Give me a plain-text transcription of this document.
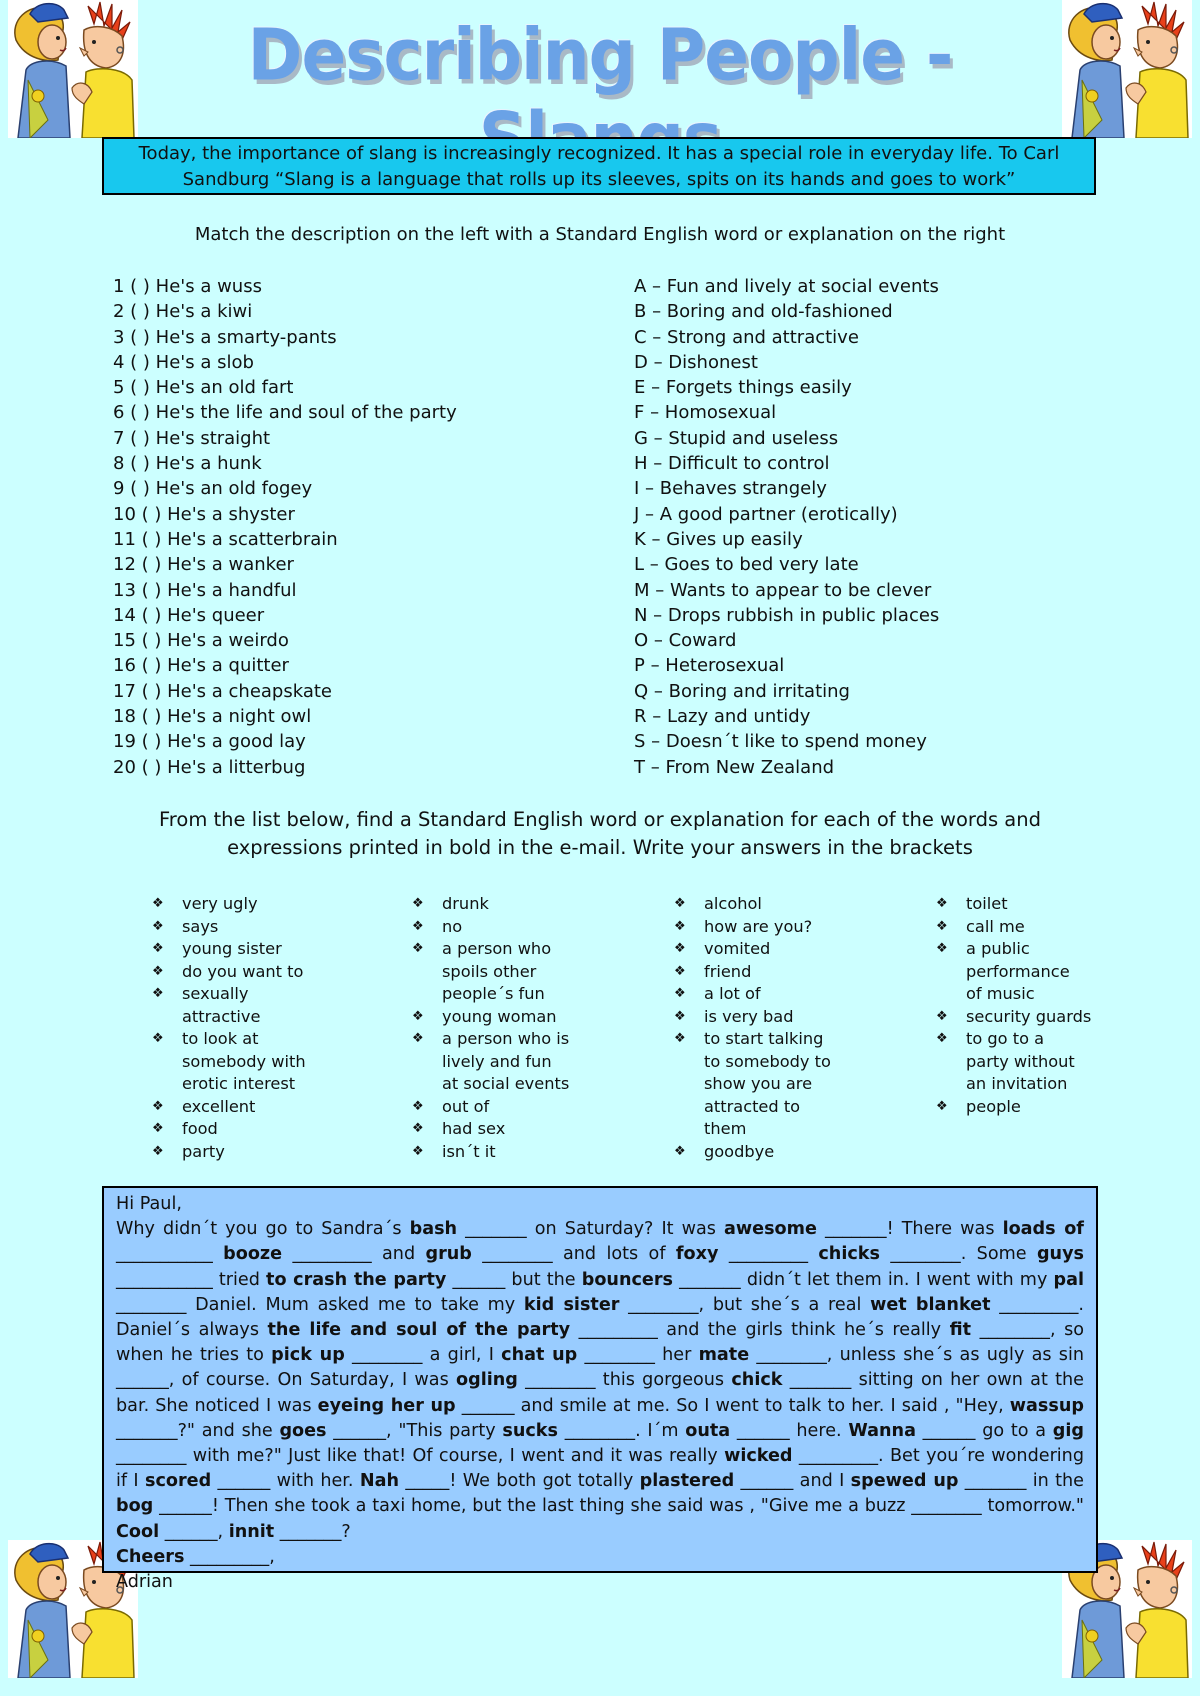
Describing People -
Today, the importance of slang is increasingly recognized. It has a special role in everyday life. To Carl Sandburg “Slang is a language that rolls up its sleeves, spits on its hands and goes to work”
Match the description on the left with a Standard English word or explanation on the right
1 ( ) He's a wuss
2 ( ) He's a kiwi
3 ( ) He's a smarty-pants
4 ( ) He's a slob
5 ( ) He's an old fart
6 ( ) He's the life and soul of the party
7 ( ) He's straight
8 ( ) He's a hunk
9 ( ) He's an old fogey
10 ( ) He's a shyster
11 ( ) He's a scatterbrain
12 ( ) He's a wanker
13 ( ) He's a handful
14 ( ) He's queer
15 ( ) He's a weirdo
16 ( ) He's a quitter
17 ( ) He's a cheapskate
18 ( ) He's a night owl
19 ( ) He's a good lay
20 ( ) He's a litterbug
A – Fun and lively at social events
B – Boring and old-fashioned
C – Strong and attractive
D – Dishonest
E – Forgets things easily
F – Homosexual
G – Stupid and useless
H – Difficult to control
I – Behaves strangely
J – A good partner (erotically)
K – Gives up easily
L – Goes to bed very late
M – Wants to appear to be clever
N – Drops rubbish in public places
O – Coward
P – Heterosexual
Q – Boring and irritating
R – Lazy and untidy
S – Doesn´t like to spend money
T – From New Zealand
From the list below, find a Standard English word or explanation for each of the words and
expressions printed in bold in the e-mail. Write your answers in the brackets
❖	very ugly
❖	says
❖	young sister
❖	do you want to
❖	sexually
attractive
❖	to look at
somebody with
erotic interest
❖	excellent
❖	food
❖	party
❖	drunk
❖	no
❖	a person who
spoils other
people´s fun
❖	young woman
❖	a person who is
lively and fun
at social events
❖	out of
❖	had sex
❖	isn´t it
❖	alcohol
❖	how are you?
❖	vomited
❖	friend
❖	a lot of
❖	is very bad
❖	to start talking
to somebody to
show you are
attracted to
them
❖	goodbye
❖	toilet
❖	call me
❖	a public
performance
of music
❖	security guards
❖	to go to a
party without
an invitation
❖	people

Hi Paul,

Why didn´t you go to Sandra´s bash _______ on Saturday? It was awesome _______! There was loads of ___________ booze _________ and grub ________ and lots of foxy _________ chicks ________. Some guys ___________ tried to crash the party ______ but the bouncers _______ didn´t let them in. I went with my pal ________ Daniel. Mum asked me to take my kid sister ________, but she´s a real wet blanket _________. Daniel´s always the life and soul of the party _________ and the girls think he´s really fit ________, so when he tries to pick up ________ a girl, I chat up ________ her mate ________, unless she´s as ugly as sin ______, of course. On Saturday, I was ogling ________ this gorgeous chick _______ sitting on her own at the bar. She noticed I was eyeing her up ______ and smile at me. So I went to talk to her. I said , "Hey, wassup _______?" and she goes ______, "This party sucks ________. I´m outa ______ here. Wanna ______ go to a gig ________ with me?" Just like that! Of course, I went and it was really wicked _________. Bet you´re wondering if I scored ______ with her. Nah _____! We both got totally plastered ______ and I spewed up _______ in the bog ______! Then she took a taxi home, but the last thing she said was , "Give me a buzz ________ tomorrow." Cool ______, innit _______?

Cheers _________,

Adrian
